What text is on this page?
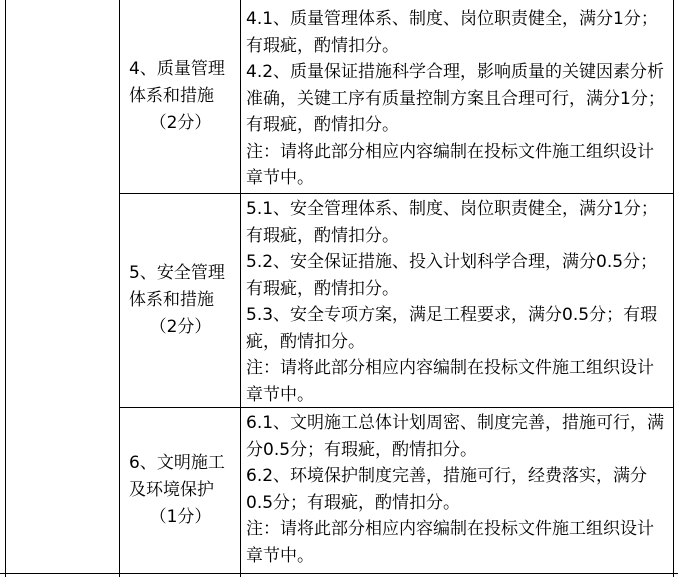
4、质量管理
体系和措施
（2分）

4.1、质量管理体系、制度、岗位职责健全，满分1分；有瑕疵，酌情扣分。

4.2、质量保证措施科学合理，影响质量的关键因素分析准确，关键工序有质量控制方案且合理可行，满分1分；有瑕疵，酌情扣分。

注：请将此部分相应内容编制在投标文件施工组织设计章节中。

5、安全管理
体系和措施
（2分）

5.1、安全管理体系、制度、岗位职责健全，满分1分；有瑕疵，酌情扣分。

5.2、安全保证措施、投入计划科学合理，满分0.5分；有瑕疵，酌情扣分。

5.3、安全专项方案，满足工程要求，满分0.5分；有瑕疵，酌情扣分。

注：请将此部分相应内容编制在投标文件施工组织设计章节中。

6、文明施工
及环境保护
（1分）

6.1、文明施工总体计划周密、制度完善，措施可行，满分0.5分；有瑕疵，酌情扣分。

6.2、环境保护制度完善，措施可行，经费落实，满分0.5分；有瑕疵，酌情扣分。

注：请将此部分相应内容编制在投标文件施工组织设计章节中。
